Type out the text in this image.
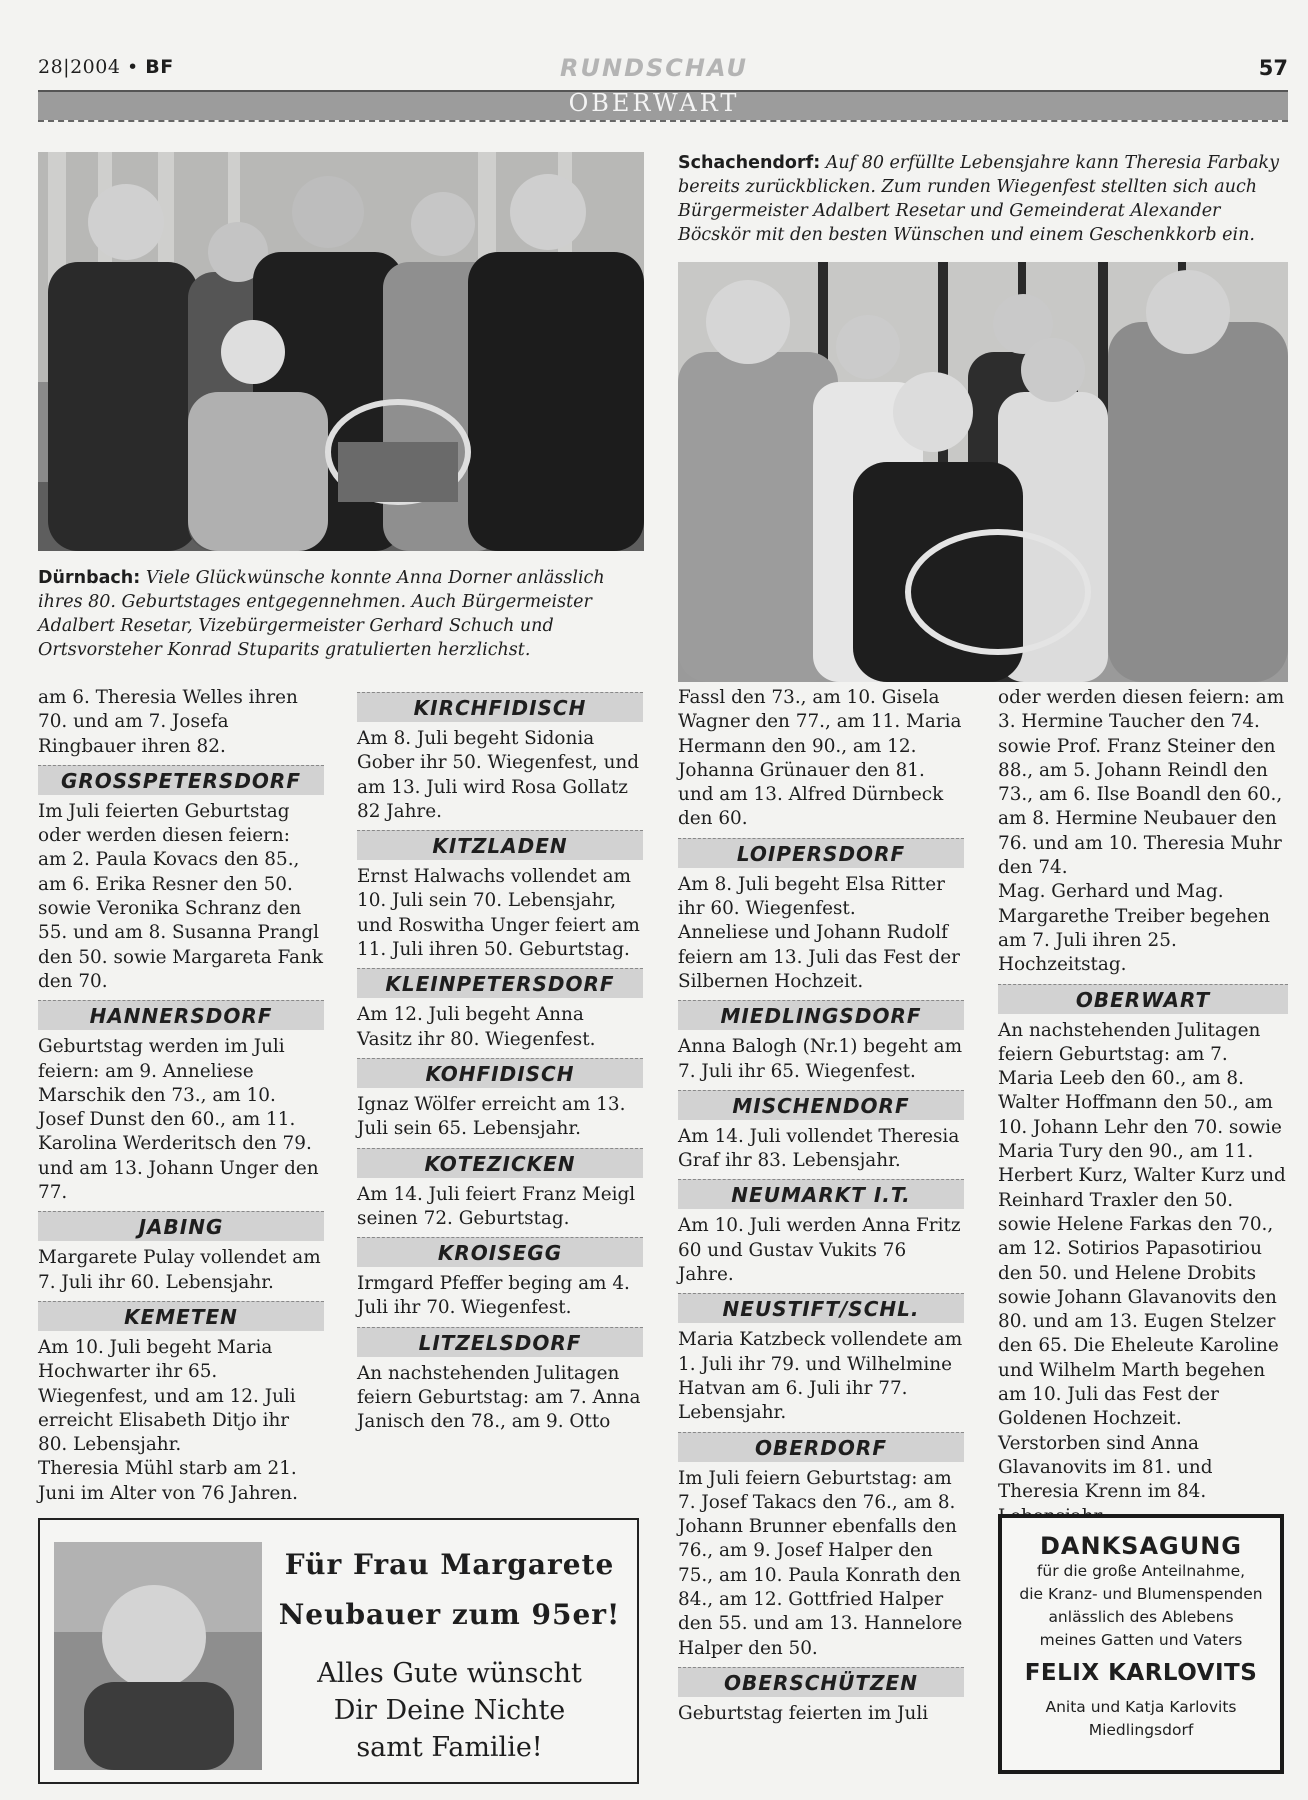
28|2004 • BF	RUNDSCHAU	57
OBERWART
Dürnbach: Viele Glückwünsche konnte Anna Dorner anlässlich ihres 80. Geburtstages entgegennehmen. Auch Bürgermeister Adalbert Resetar, Vizebürgermeister Gerhard Schuch und Ortsvorsteher Konrad Stuparits gratulierten herzlichst.
Schachendorf: Auf 80 erfüllte Lebensjahre kann Theresia Farbaky bereits zurückblicken. Zum runden Wiegenfest stellten sich auch Bürgermeister Adalbert Resetar und Gemeinderat Alexander Böcskör mit den besten Wünschen und einem Geschenkkorb ein.

am 6. Theresia Welles ihren 70. und am 7. Josefa Ringbauer ihren 82.

GROSSPETERSDORF

Im Juli feierten Geburtstag oder werden diesen feiern: am 2. Paula Kovacs den 85., am 6. Erika Resner den 50. sowie Veronika Schranz den 55. und am 8. Susanna Prangl den 50. sowie Margareta Fank den 70.

HANNERSDORF

Geburtstag werden im Juli feiern: am 9. Anneliese Marschik den 73., am 10. Josef Dunst den 60., am 11. Karolina Werderitsch den 79. und am 13. Johann Unger den 77.

JABING

Margarete Pulay vollendet am 7. Juli ihr 60. Lebensjahr.

KEMETEN

Am 10. Juli begeht Maria Hochwarter ihr 65. Wiegenfest, und am 12. Juli erreicht Elisabeth Ditjo ihr 80. Lebensjahr.

Theresia Mühl starb am 21. Juni im Alter von 76 Jahren.

KIRCHFIDISCH

Am 8. Juli begeht Sidonia Gober ihr 50. Wiegenfest, und am 13. Juli wird Rosa Gollatz 82 Jahre.

KITZLADEN

Ernst Halwachs vollendet am 10. Juli sein 70. Lebensjahr, und Roswitha Unger feiert am 11. Juli ihren 50. Geburtstag.

KLEINPETERSDORF

Am 12. Juli begeht Anna Vasitz ihr 80. Wiegenfest.

KOHFIDISCH

Ignaz Wölfer erreicht am 13. Juli sein 65. Lebensjahr.

KOTEZICKEN

Am 14. Juli feiert Franz Meigl seinen 72. Geburtstag.

KROISEGG

Irmgard Pfeffer beging am 4. Juli ihr 70. Wiegenfest.

LITZELSDORF

An nachstehenden Julitagen feiern Geburtstag: am 7. Anna Janisch den 78., am 9. Otto

Fassl den 73., am 10. Gisela Wagner den 77., am 11. Maria Hermann den 90., am 12. Johanna Grünauer den 81. und am 13. Alfred Dürnbeck den 60.

LOIPERSDORF

Am 8. Juli begeht Elsa Ritter ihr 60. Wiegenfest.

Anneliese und Johann Rudolf feiern am 13. Juli das Fest der Silbernen Hochzeit.

MIEDLINGSDORF

Anna Balogh (Nr.1) begeht am 7. Juli ihr 65. Wiegenfest.

MISCHENDORF

Am 14. Juli vollendet Theresia Graf ihr 83. Lebensjahr.

NEUMARKT I.T.

Am 10. Juli werden Anna Fritz 60 und Gustav Vukits 76 Jahre.

NEUSTIFT/SCHL.

Maria Katzbeck vollendete am 1. Juli ihr 79. und Wilhelmine Hatvan am 6. Juli ihr 77. Lebensjahr.

OBERDORF

Im Juli feiern Geburtstag: am 7. Josef Takacs den 76., am 8. Johann Brunner ebenfalls den 76., am 9. Josef Halper den 75., am 10. Paula Konrath den 84., am 12. Gottfried Halper den 55. und am 13. Hannelore Halper den 50.

OBERSCHÜTZEN

Geburtstag feierten im Juli

oder werden diesen feiern: am 3. Hermine Taucher den 74. sowie Prof. Franz Steiner den 88., am 5. Johann Reindl den 73., am 6. Ilse Boandl den 60., am 8. Hermine Neubauer den 76. und am 10. Theresia Muhr den 74.

Mag. Gerhard und Mag. Margarethe Treiber begehen am 7. Juli ihren 25. Hochzeitstag.

OBERWART

An nachstehenden Julitagen feiern Geburtstag: am 7. Maria Leeb den 60., am 8. Walter Hoffmann den 50., am 10. Johann Lehr den 70. sowie Maria Tury den 90., am 11. Herbert Kurz, Walter Kurz und Reinhard Traxler den 50. sowie Helene Farkas den 70., am 12. Sotirios Papasotiriou den 50. und Helene Drobits sowie Johann Glavanovits den 80. und am 13. Eugen Stelzer den 65. Die Eheleute Karoline und Wilhelm Marth begehen am 10. Juli das Fest der Goldenen Hochzeit.

Verstorben sind Anna Glavanovits im 81. und Theresia Krenn im 84.

Für Frau Margarete
Neubauer zum 95er!
Alles Gute wünscht
Dir Deine Nichte
samt Familie!
DANKSAGUNG
für die große Anteilnahme,
die Kranz- und Blumenspenden
anlässlich des Ablebens
meines Gatten und Vaters
FELIX KARLOVITS
Anita und Katja Karlovits
Miedlingsdorf
